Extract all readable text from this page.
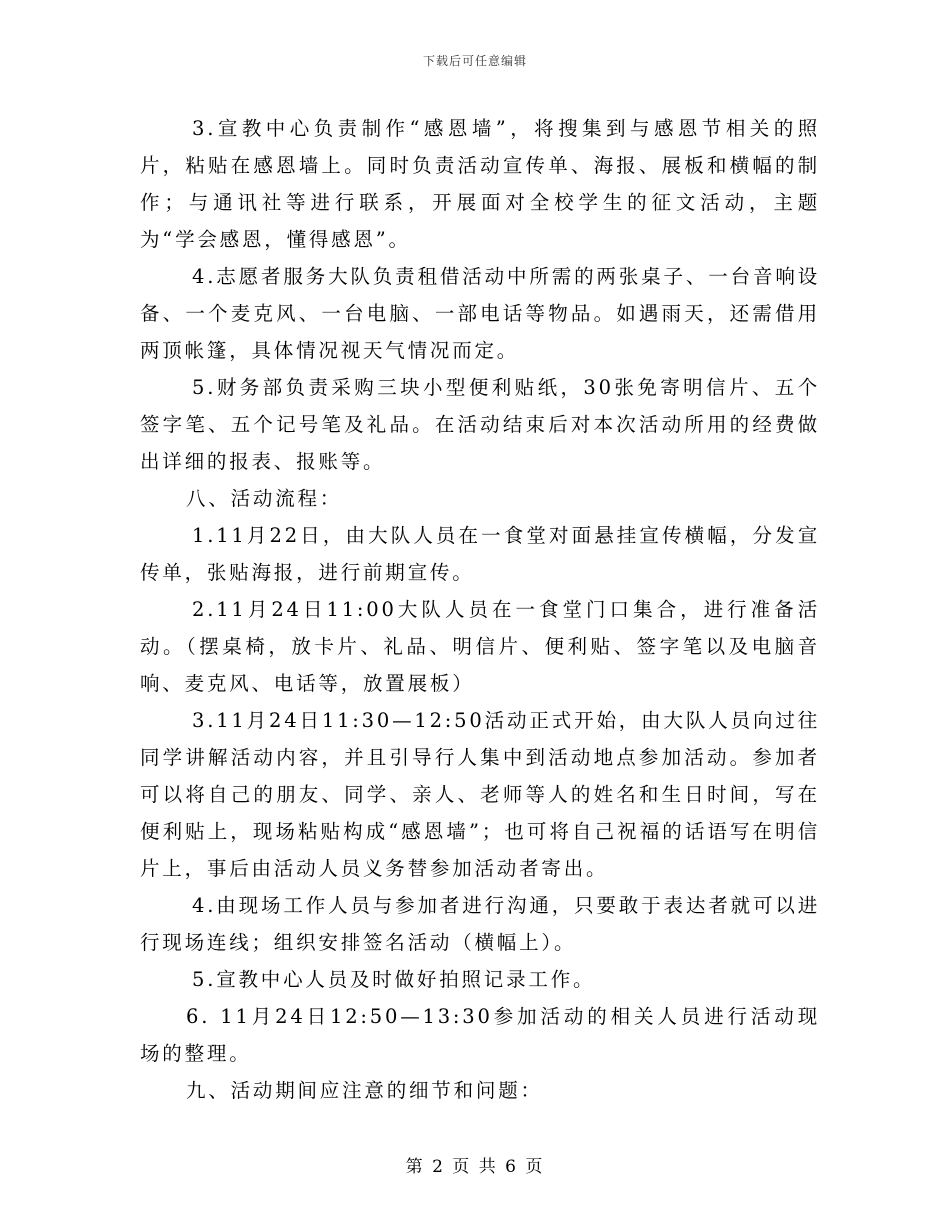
下载后可任意编辑

3.宣教中心负责制作“感恩墙”，将搜集到与感恩节相关的照片，粘贴在感恩墙上。同时负责活动宣传单、海报、展板和横幅的制作；与通讯社等进行联系，开展面对全校学生的征文活动，主题为“学会感恩，懂得感恩”。

4.志愿者服务大队负责租借活动中所需的两张桌子、一台音响设备、一个麦克风、一台电脑、一部电话等物品。如遇雨天，还需借用两顶帐篷，具体情况视天气情况而定。

5.财务部负责采购三块小型便利贴纸，30张免寄明信片、五个签字笔、五个记号笔及礼品。在活动结束后对本次活动所用的经费做出详细的报表、报账等。

八、活动流程：

1.11月22日，由大队人员在一食堂对面悬挂宣传横幅，分发宣传单，张贴海报，进行前期宣传。

2.11月24日11:00大队人员在一食堂门口集合，进行准备活动。（摆桌椅，放卡片、礼品、明信片、便利贴、签字笔以及电脑音响、麦克风、电话等，放置展板）

3.11月24日11:30—12:50活动正式开始，由大队人员向过往同学讲解活动内容，并且引导行人集中到活动地点参加活动。参加者可以将自己的朋友、同学、亲人、老师等人的姓名和生日时间，写在便利贴上，现场粘贴构成“感恩墙”；也可将自己祝福的话语写在明信片上，事后由活动人员义务替参加活动者寄出。

4.由现场工作人员与参加者进行沟通，只要敢于表达者就可以进行现场连线；组织安排签名活动（横幅上）。

5.宣教中心人员及时做好拍照记录工作。

6. 11月24日12:50—13:30参加活动的相关人员进行活动现场的整理。

九、活动期间应注意的细节和问题：

第 2 页 共 6 页
